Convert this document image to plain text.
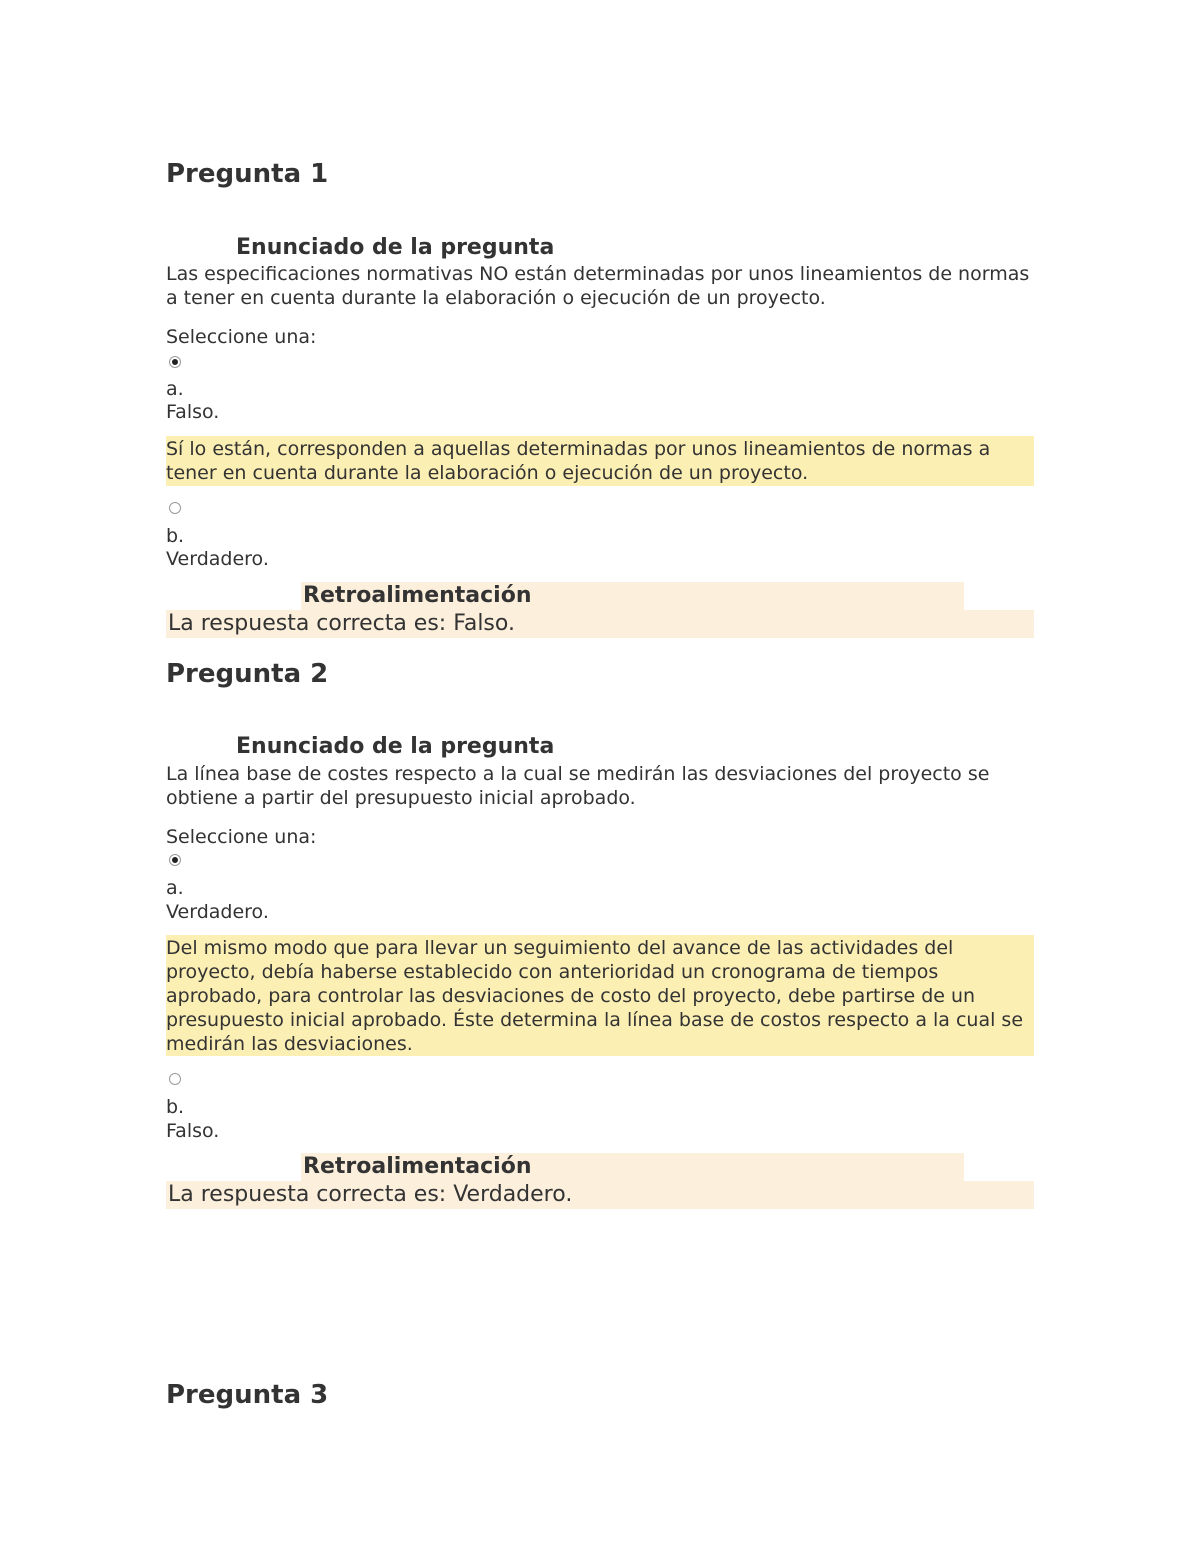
Pregunta 1
Enunciado de la pregunta
Las especificaciones normativas NO están determinadas por unos lineamientos de normas a tener en cuenta durante la elaboración o ejecución de un proyecto.
Seleccione una:
a.
Falso.
Sí lo están, corresponden a aquellas determinadas por unos lineamientos de normas a tener en cuenta durante la elaboración o ejecución de un proyecto.
b.
Verdadero.
Retroalimentación
La respuesta correcta es: Falso.
Pregunta 2
Enunciado de la pregunta
La línea base de costes respecto a la cual se medirán las desviaciones del proyecto se obtiene a partir del presupuesto inicial aprobado.
Seleccione una:
a.
Verdadero.
Del mismo modo que para llevar un seguimiento del avance de las actividades del proyecto, debía haberse establecido con anterioridad un cronograma de tiempos aprobado, para controlar las desviaciones de costo del proyecto, debe partirse de un presupuesto inicial aprobado. Éste determina la línea base de costos respecto a la cual se medirán las desviaciones.
b.
Falso.
Retroalimentación
La respuesta correcta es: Verdadero.
Pregunta 3
